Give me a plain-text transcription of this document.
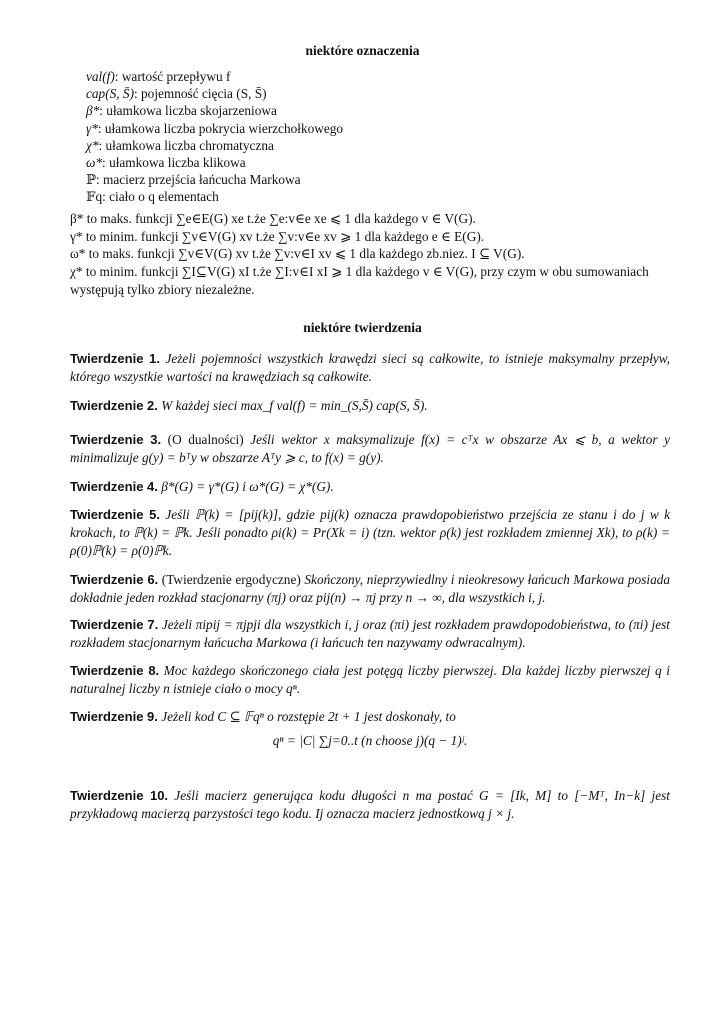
niektóre oznaczenia
val(f): wartość przepływu f
cap(S, S̄): pojemność cięcia (S, S̄)
β*: ułamkowa liczba skojarzeniowa
γ*: ułamkowa liczba pokrycia wierzchołkowego
χ*: ułamkowa liczba chromatyczna
ω*: ułamkowa liczba klikowa
ℙ: macierz przejścia łańcucha Markowa
𝔽q: ciało o q elementach
β* to maks. funkcji ∑e∈E(G) xe t.że ∑e:v∈e xe ⩽ 1 dla każdego v ∈ V(G).
γ* to minim. funkcji ∑v∈V(G) xv t.że ∑v:v∈e xv ⩾ 1 dla każdego e ∈ E(G).
ω* to maks. funkcji ∑v∈V(G) xv t.że ∑v:v∈I xv ⩽ 1 dla każdego zb.niez. I ⊆ V(G).
χ* to minim. funkcji ∑I⊆V(G) xI t.że ∑I:v∈I xI ⩾ 1 dla każdego v ∈ V(G), przy czym w obu sumowaniach występują tylko zbiory niezależne.
niektóre twierdzenia
Twierdzenie 1. Jeżeli pojemności wszystkich krawędzi sieci są całkowite, to istnieje maksymalny przepływ, którego wszystkie wartości na krawędziach są całkowite.
Twierdzenie 2. W każdej sieci max_f val(f) = min_(S,S̄) cap(S, S̄).
Twierdzenie 3. (O dualności) Jeśli wektor x maksymalizuje f(x) = cᵀx w obszarze Ax ⩽ b, a wektor y minimalizuje g(y) = bᵀy w obszarze Aᵀy ⩾ c, to f(x) = g(y).
Twierdzenie 4. β*(G) = γ*(G) i ω*(G) = χ*(G).
Twierdzenie 5. Jeśli ℙ(k) = [pij(k)], gdzie pij(k) oznacza prawdopobieństwo przejścia ze stanu i do j w k krokach, to ℙ(k) = ℙk. Jeśli ponadto ρi(k) = Pr(Xk = i) (tzn. wektor ρ(k) jest rozkładem zmiennej Xk), to ρ(k) = ρ(0)ℙ(k) = ρ(0)ℙk.
Twierdzenie 6. (Twierdzenie ergodyczne) Skończony, nieprzywiedlny i nieokresowy łańcuch Markowa posiada dokładnie jeden rozkład stacjonarny (πj) oraz pij(n) → πj przy n → ∞, dla wszystkich i, j.
Twierdzenie 7. Jeżeli πipij = πjpji dla wszystkich i, j oraz (πi) jest rozkładem prawdopodobieństwa, to (πi) jest rozkładem stacjonarnym łańcucha Markowa (i łańcuch ten nazywamy odwracalnym).
Twierdzenie 8. Moc każdego skończonego ciała jest potęgą liczby pierwszej. Dla każdej liczby pierwszej q i naturalnej liczby n istnieje ciało o mocy qⁿ.
Twierdzenie 9. Jeżeli kod C ⊆ 𝔽qⁿ o rozstępie 2t + 1 jest doskonały, to
qⁿ = |C| ∑j=0..t (n choose j)(q − 1)ʲ.
Twierdzenie 10. Jeśli macierz generująca kodu długości n ma postać G = [Ik, M] to [−Mᵀ, In−k] jest przykładową macierzą parzystości tego kodu. Ij oznacza macierz jednostkową j × j.
